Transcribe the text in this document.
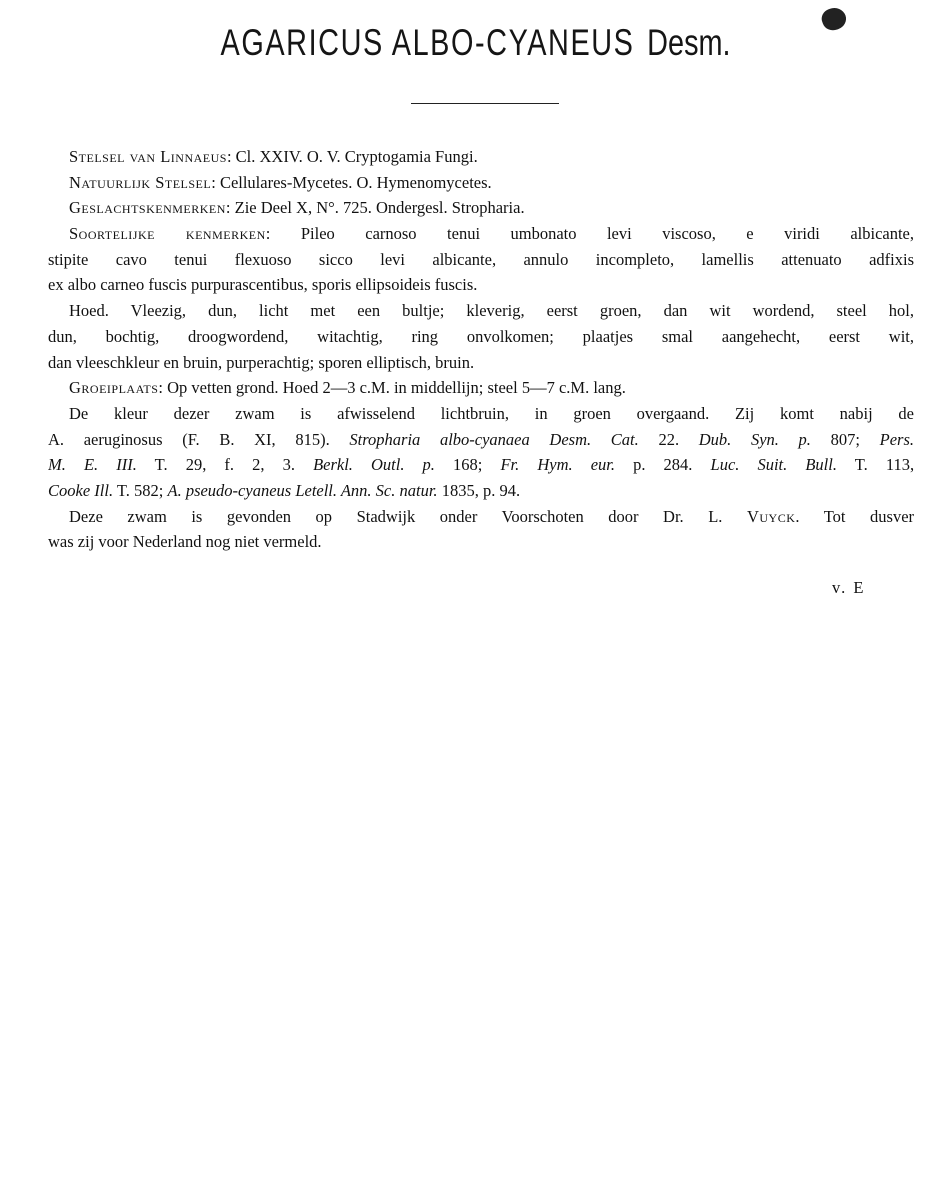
AGARICUS ALBO-CYANEUS Desm.
Stelsel van Linnaeus: Cl. XXIV. O. V. Cryptogamia Fungi.
Natuurlijk Stelsel: Cellulares-Mycetes. O. Hymenomycetes.
Geslachtskenmerken: Zie Deel X, N°. 725. Ondergesl. Stropharia.
Soortelijke kenmerken: Pileo carnoso tenui umbonato levi viscoso, e viridi albicante,
stipite cavo tenui flexuoso sicco levi albicante, annulo incompleto, lamellis attenuato adfixis
ex albo carneo fuscis purpurascentibus, sporis ellipsoideis fuscis.
Hoed. Vleezig, dun, licht met een bultje; kleverig, eerst groen, dan wit wordend, steel hol,
dun, bochtig, droogwordend, witachtig, ring onvolkomen; plaatjes smal aangehecht, eerst wit,
dan vleeschkleur en bruin, purperachtig; sporen elliptisch, bruin.
Groeiplaats: Op vetten grond. Hoed 2—3 c.M. in middellijn; steel 5—7 c.M. lang.
De kleur dezer zwam is afwisselend lichtbruin, in groen overgaand. Zij komt nabij de
A. aeruginosus (F. B. XI, 815). Stropharia albo-cyanaea Desm. Cat. 22. Dub. Syn. p. 807; Pers.
M. E. III. T. 29, f. 2, 3. Berkl. Outl. p. 168; Fr. Hym. eur. p. 284. Luc. Suit. Bull. T. 113,
Cooke Ill. T. 582; A. pseudo-cyaneus Letell. Ann. Sc. natur. 1835, p. 94.
Deze zwam is gevonden op Stadwijk onder Voorschoten door Dr. L. Vuyck. Tot dusver
was zij voor Nederland nog niet vermeld.
v. E
